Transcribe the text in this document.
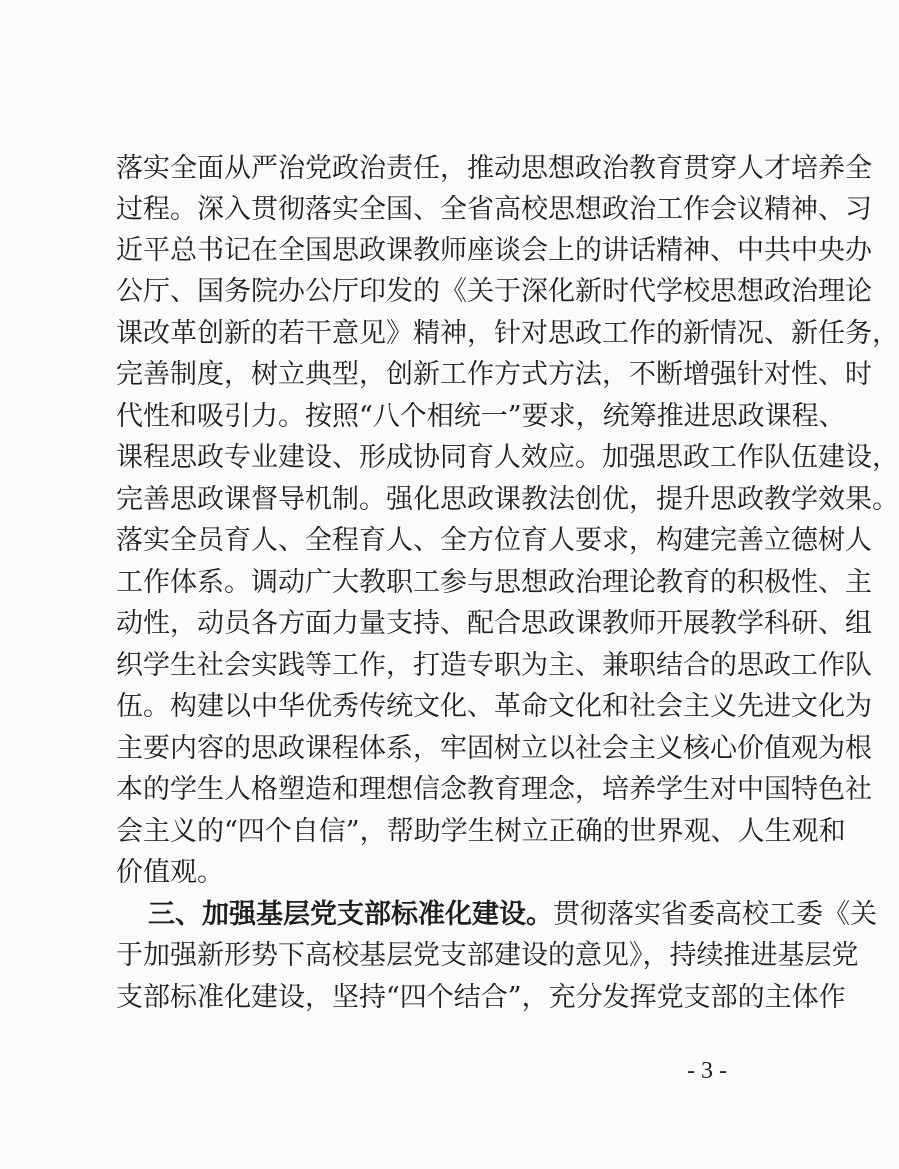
落实全面从严治党政治责任，推动思想政治教育贯穿人才培养全
过程。深入贯彻落实全国、全省高校思想政治工作会议精神、习
近平总书记在全国思政课教师座谈会上的讲话精神、中共中央办
公厅、国务院办公厅印发的《关于深化新时代学校思想政治理论
课改革创新的若干意见》精神，针对思政工作的新情况、新任务，
完善制度，树立典型，创新工作方式方法，不断增强针对性、时
代性和吸引力。按照“八个相统一”要求，统筹推进思政课程、
课程思政专业建设、形成协同育人效应。加强思政工作队伍建设，
完善思政课督导机制。强化思政课教法创优，提升思政教学效果。
落实全员育人、全程育人、全方位育人要求，构建完善立德树人
工作体系。调动广大教职工参与思想政治理论教育的积极性、主
动性，动员各方面力量支持、配合思政课教师开展教学科研、组
织学生社会实践等工作，打造专职为主、兼职结合的思政工作队
伍。构建以中华优秀传统文化、革命文化和社会主义先进文化为
主要内容的思政课程体系，牢固树立以社会主义核心价值观为根
本的学生人格塑造和理想信念教育理念，培养学生对中国特色社
会主义的“四个自信”，帮助学生树立正确的世界观、人生观和
价值观。
三、加强基层党支部标准化建设。贯彻落实省委高校工委《关
于加强新形势下高校基层党支部建设的意见》，持续推进基层党
支部标准化建设，坚持“四个结合”，充分发挥党支部的主体作
- 3 -
